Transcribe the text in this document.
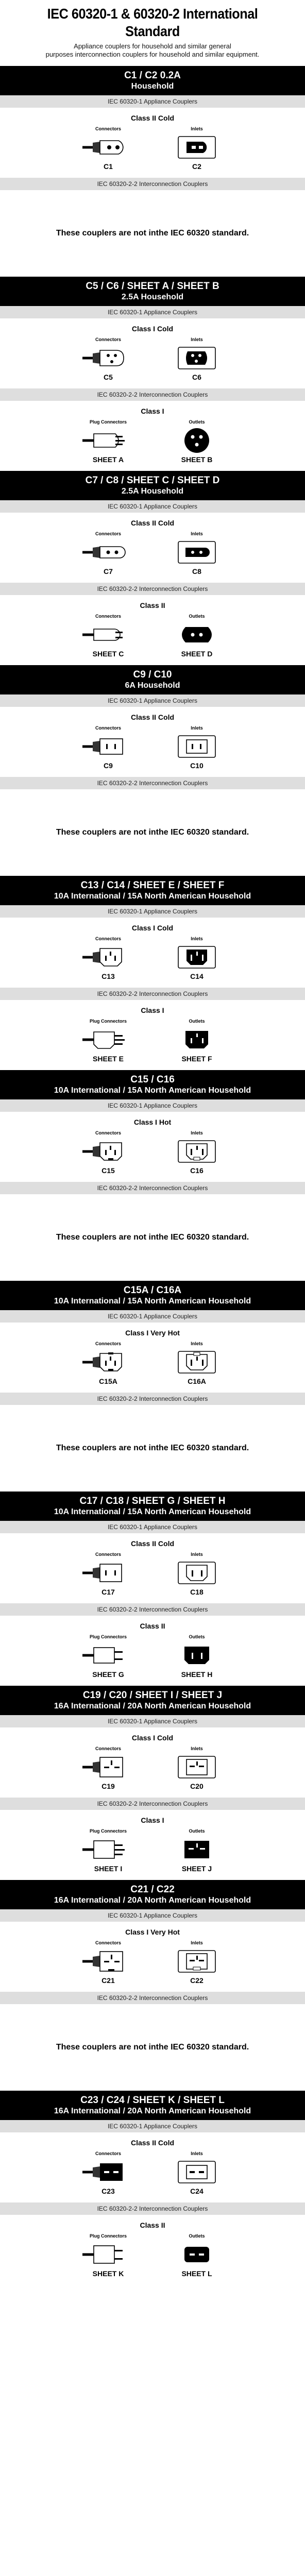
IEC 60320-1 & 60320-2 International Standard
Appliance couplers for household and similar general
purposes interconnection couplers for household and similar equipment.
C1 / C2 0.2A
Household
IEC 60320-1 Appliance Couplers
Class II Cold
Connectors
C1
Inlets
C2
IEC 60320-2-2 Interconnection Couplers
These couplers are not in the IEC 60320 standard.
C5 / C6 / SHEET A / SHEET B
2.5A Household
IEC 60320-1 Appliance Couplers
Class I Cold
Connectors
C5
Inlets
C6
IEC 60320-2-2 Interconnection Couplers
Class I
Plug Connectors
SHEET A
Outlets
SHEET B
C7 / C8 / SHEET C / SHEET D
2.5A Household
IEC 60320-1 Appliance Couplers
Class II Cold
Connectors
C7
Inlets
C8
IEC 60320-2-2 Interconnection Couplers
Class II
Connectors
SHEET C
Outlets
SHEET D
C9 / C10
6A Household
IEC 60320-1 Appliance Couplers
Class II Cold
Connectors
C9
Inlets
C10
IEC 60320-2-2 Interconnection Couplers
These couplers are not in the IEC 60320 standard.
C13 / C14 / SHEET E / SHEET F
10A International / 15A North American Household
IEC 60320-1 Appliance Couplers
Class I Cold
Connectors
C13
Inlets
C14
IEC 60320-2-2 Interconnection Couplers
Class I
Plug Connectors
SHEET E
Outlets
SHEET F
C15 / C16
10A International / 15A North American Household
IEC 60320-1 Appliance Couplers
Class I Hot
Connectors
C15
Inlets
C16
IEC 60320-2-2 Interconnection Couplers
These couplers are not in the IEC 60320 standard.
C15A / C16A
10A International / 15A North American Household
IEC 60320-1 Appliance Couplers
Class I Very Hot
Connectors
C15A
Inlets
C16A
IEC 60320-2-2 Interconnection Couplers
These couplers are not in the IEC 60320 standard.
C17 / C18 / SHEET G / SHEET H
10A International / 15A North American Household
IEC 60320-1 Appliance Couplers
Class II Cold
Connectors
C17
Inlets
C18
IEC 60320-2-2 Interconnection Couplers
Class II
Plug Connectors
SHEET G
Outlets
SHEET H
C19 / C20 / SHEET I / SHEET J
16A International / 20A North American Household
IEC 60320-1 Appliance Couplers
Class I Cold
Connectors
C19
Inlets
C20
IEC 60320-2-2 Interconnection Couplers
Class I
Plug Connectors
SHEET I
Outlets
SHEET J
C21 / C22
16A International / 20A North American Household
IEC 60320-1 Appliance Couplers
Class I Very Hot
Connectors
C21
Inlets
C22
IEC 60320-2-2 Interconnection Couplers
These couplers are not in the IEC 60320 standard.
C23 / C24 / SHEET K / SHEET L
16A International / 20A North American Household
IEC 60320-1 Appliance Couplers
Class II Cold
Connectors
C23
Inlets
C24
IEC 60320-2-2 Interconnection Couplers
Class II
Plug Connectors
SHEET K
Outlets
SHEET L
